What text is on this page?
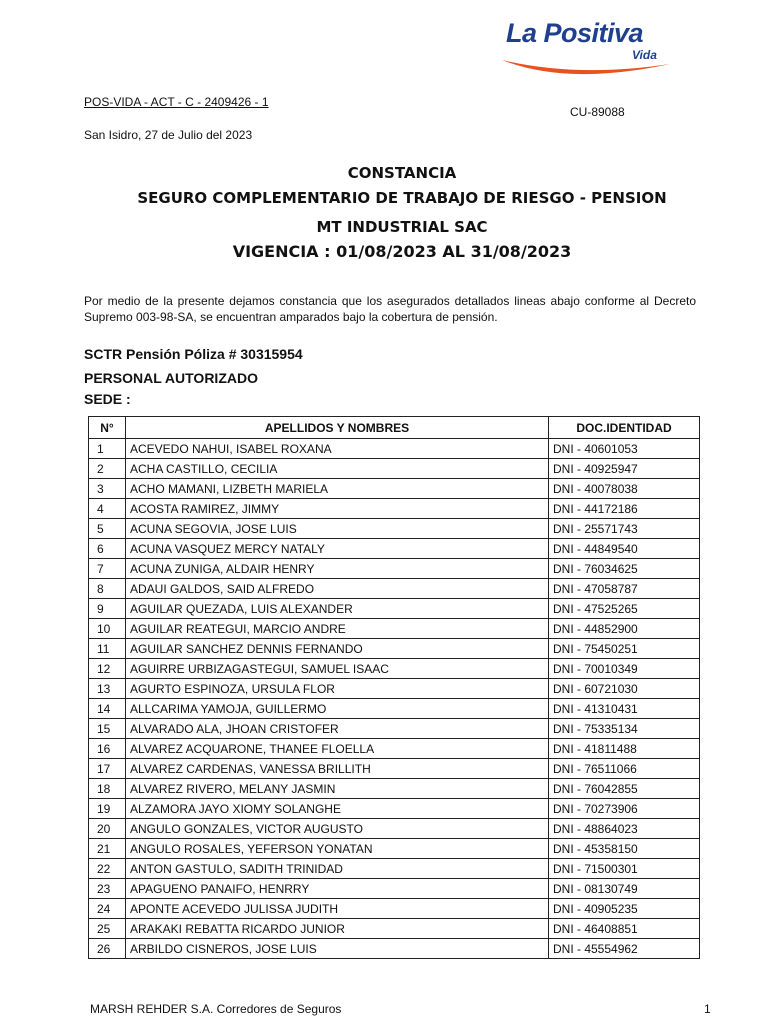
La Positiva
Vida
POS-VIDA - ACT - C - 2409426 - 1
CU-89088
San Isidro, 27 de Julio del 2023
CONSTANCIA
SEGURO COMPLEMENTARIO DE TRABAJO DE RIESGO - PENSION
MT INDUSTRIAL SAC
VIGENCIA : 01/08/2023 AL 31/08/2023
Por medio de la presente dejamos constancia que los asegurados detallados lineas abajo conforme al Decreto Supremo 003-98-SA, se encuentran amparados bajo la cobertura de pensión.
SCTR Pensión Póliza # 30315954
PERSONAL AUTORIZADO
SEDE :
N°	APELLIDOS Y NOMBRES	DOC.IDENTIDAD
1	ACEVEDO NAHUI, ISABEL ROXANA	DNI - 40601053
2	ACHA CASTILLO, CECILIA	DNI - 40925947
3	ACHO MAMANI, LIZBETH MARIELA	DNI - 40078038
4	ACOSTA RAMIREZ, JIMMY	DNI - 44172186
5	ACUNA SEGOVIA, JOSE LUIS	DNI - 25571743
6	ACUNA VASQUEZ MERCY NATALY	DNI - 44849540
7	ACUNA ZUNIGA, ALDAIR HENRY	DNI - 76034625
8	ADAUI GALDOS, SAID ALFREDO	DNI - 47058787
9	AGUILAR QUEZADA, LUIS ALEXANDER	DNI - 47525265
10	AGUILAR REATEGUI, MARCIO ANDRE	DNI - 44852900
11	AGUILAR SANCHEZ DENNIS FERNANDO	DNI - 75450251
12	AGUIRRE URBIZAGASTEGUI, SAMUEL ISAAC	DNI - 70010349
13	AGURTO ESPINOZA, URSULA FLOR	DNI - 60721030
14	ALLCARIMA YAMOJA, GUILLERMO	DNI - 41310431
15	ALVARADO ALA, JHOAN CRISTOFER	DNI - 75335134
16	ALVAREZ ACQUARONE, THANEE FLOELLA	DNI - 41811488
17	ALVAREZ CARDENAS, VANESSA BRILLITH	DNI - 76511066
18	ALVAREZ RIVERO, MELANY JASMIN	DNI - 76042855
19	ALZAMORA JAYO XIOMY SOLANGHE	DNI - 70273906
20	ANGULO GONZALES, VICTOR AUGUSTO	DNI - 48864023
21	ANGULO ROSALES, YEFERSON YONATAN	DNI - 45358150
22	ANTON GASTULO, SADITH TRINIDAD	DNI - 71500301
23	APAGUENO PANAIFO, HENRRY	DNI - 08130749
24	APONTE ACEVEDO JULISSA JUDITH	DNI - 40905235
25	ARAKAKI REBATTA RICARDO JUNIOR	DNI - 46408851
26	ARBILDO CISNEROS, JOSE LUIS	DNI - 45554962
MARSH REHDER S.A. Corredores de Seguros	1
